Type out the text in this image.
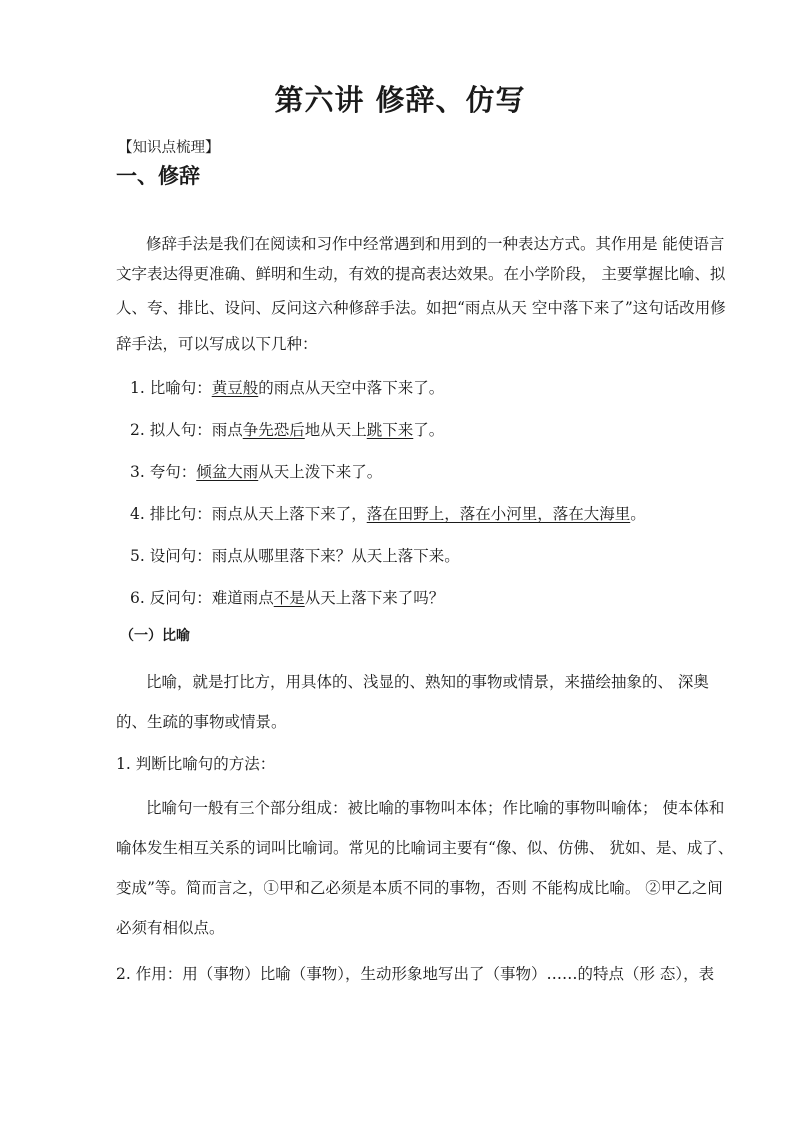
第六讲 修辞、仿写
【知识点梳理】
一、修辞
修辞手法是我们在阅读和习作中经常遇到和用到的一种表达方式。其作用是 能使语言
文字表达得更准确、鲜明和生动，有效的提高表达效果。在小学阶段， 主要掌握比喻、拟
人、夸、排比、设问、反问这六种修辞手法。如把“雨点从天 空中落下来了”这句话改用修
辞手法，可以写成以下几种：
1. 比喻句：黄豆般的雨点从天空中落下来了。
2. 拟人句：雨点争先恐后地从天上跳下来了。
3. 夸句：倾盆大雨从天上泼下来了。
4. 排比句：雨点从天上落下来了，落在田野上，落在小河里，落在大海里。
5. 设问句：雨点从哪里落下来？从天上落下来。
6. 反问句：难道雨点不是从天上落下来了吗？
（一）比喻
比喻，就是打比方，用具体的、浅显的、熟知的事物或情景，来描绘抽象的、 深奥
的、生疏的事物或情景。
1. 判断比喻句的方法：
比喻句一般有三个部分组成：被比喻的事物叫本体；作比喻的事物叫喻体； 使本体和
喻体发生相互关系的词叫比喻词。常见的比喻词主要有“像、似、仿佛、 犹如、是、成了、
变成”等。简而言之，①甲和乙必须是本质不同的事物，否则 不能构成比喻。 ②甲乙之间
必须有相似点。
2. 作用：用（事物）比喻（事物），生动形象地写出了（事物）……的特点（形 态），表
